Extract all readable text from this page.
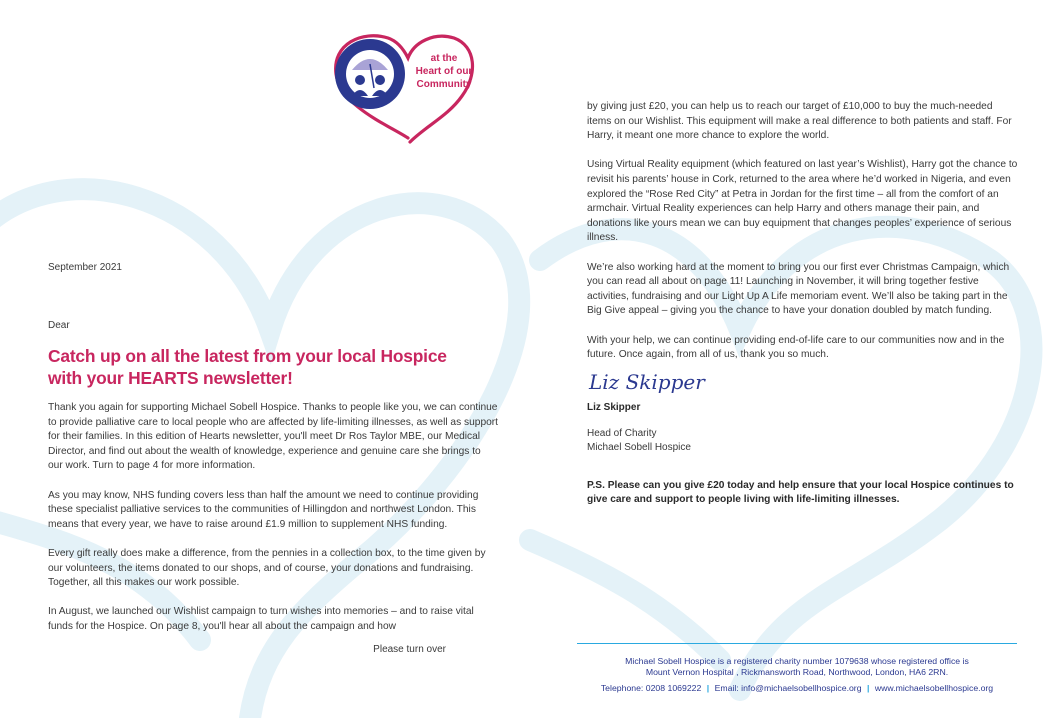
at the
Heart of our
Community
September 2021
Dear
Catch up on all the latest from your local Hospice
with your HEARTS newsletter!

Thank you again for supporting Michael Sobell Hospice. Thanks to people like you, we can continue to provide palliative care to local people who are affected by life-limiting illnesses, as well as support for their families. In this edition of Hearts newsletter, you'll meet Dr Ros Taylor MBE, our Medical Director, and find out about the wealth of knowledge, experience and genuine care she brings to our work. Turn to page 4 for more information.

As you may know, NHS funding covers less than half the amount we need to continue providing these specialist palliative services to the communities of Hillingdon and northwest London. This means that every year, we have to raise around £1.9 million to supplement NHS funding.

Every gift really does make a difference, from the pennies in a collection box, to the time given by our volunteers, the items donated to our shops, and of course, your donations and fundraising. Together, all this makes our work possible.

In August, we launched our Wishlist campaign to turn wishes into memories – and to raise vital funds for the Hospice. On page 8, you'll hear all about the campaign and how

Please turn over

by giving just £20, you can help us to reach our target of £10,000 to buy the much-needed items on our Wishlist. This equipment will make a real difference to both patients and staff. For Harry, it meant one more chance to explore the world.

Using Virtual Reality equipment (which featured on last year’s Wishlist), Harry got the chance to revisit his parents’ house in Cork, returned to the area where he’d worked in Nigeria, and even explored the “Rose Red City” at Petra in Jordan for the first time – all from the comfort of an armchair. Virtual Reality experiences can help Harry and others manage their pain, and donations like yours mean we can buy equipment that changes peoples’ experience of serious illness.

We’re also working hard at the moment to bring you our first ever Christmas Campaign, which you can read all about on page 11! Launching in November, it will bring together festive activities, fundraising and our Light Up A Life memoriam event. We’ll also be taking part in the Big Give appeal – giving you the chance to have your donation doubled by match funding.

With your help, we can continue providing end-of-life care to our communities now and in the future. Once again, from all of us, thank you so much.

Liz Skipper
Liz Skipper
Head of Charity
Michael Sobell Hospice
P.S. Please can you give £20 today and help ensure that your local Hospice continues to give care and support to people living with life-limiting illnesses.
Michael Sobell Hospice is a registered charity number 1079638 whose registered office is
Mount Vernon Hospital , Rickmansworth Road, Northwood, London, HA6 2RN.
Telephone: 0208 1069222 | Email: info@michaelsobellhospice.org | www.michaelsobellhospice.org
